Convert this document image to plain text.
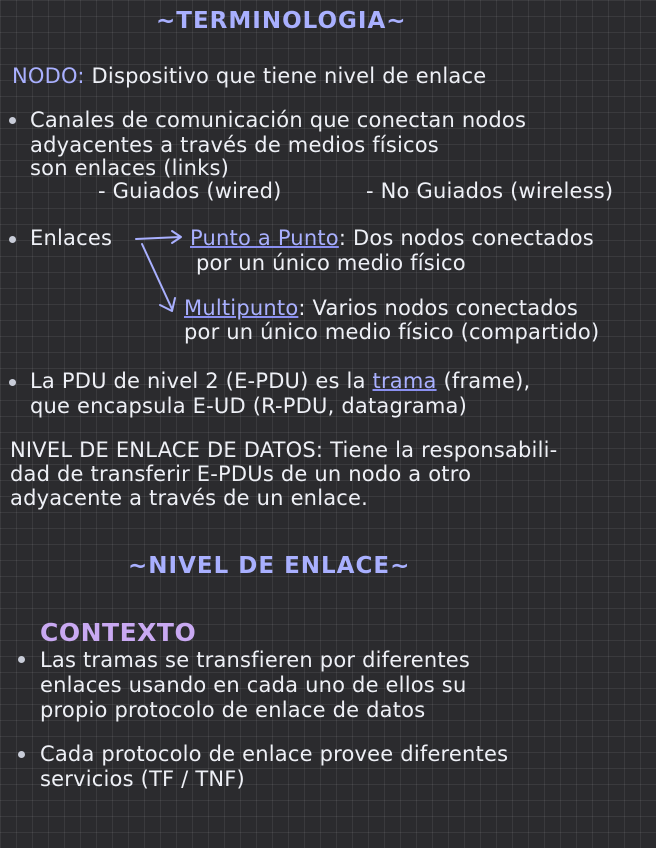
~TERMINOLOGIA~
NODO: Dispositivo que tiene nivel de enlace
Canales de comunicación que conectan nodos
adyacentes a través de medios físicos
son enlaces (links)
- Guiados (wired)	- No Guiados (wireless)
Enlaces	Punto a Punto: Dos nodos conectados
por un único medio físico
Multipunto: Varios nodos conectados
por un único medio físico (compartido)
La PDU de nivel 2 (E-PDU) es la trama (frame),
que encapsula E-UD (R-PDU, datagrama)
NIVEL DE ENLACE DE DATOS: Tiene la responsabili-
dad de transferir E-PDUs de un nodo a otro
adyacente a través de un enlace.
~NIVEL DE ENLACE~
CONTEXTO
Las tramas se transfieren por diferentes
enlaces usando en cada uno de ellos su
propio protocolo de enlace de datos
Cada protocolo de enlace provee diferentes
servicios (TF / TNF)
